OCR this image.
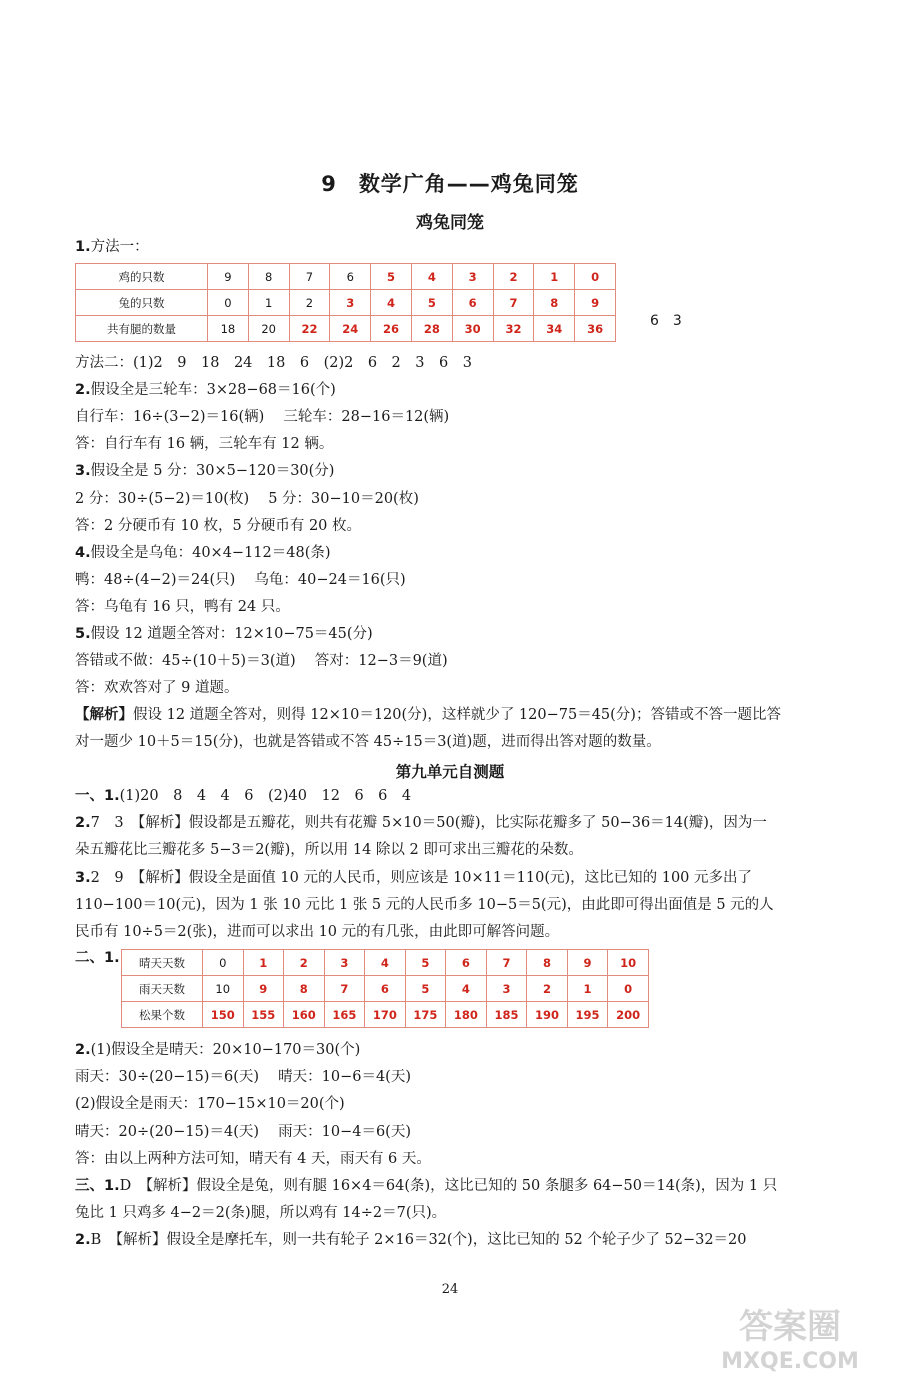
9 数学广角——鸡兔同笼
鸡兔同笼
1.方法一：
鸡的只数	9	8	7	6	5	4	3	2	1	0
兔的只数	0	1	2	3	4	5	6	7	8	9
共有腿的数量	18	20	22	24	26	28	30	32	34	36	6　3
方法二：(1)2　9　18　24　18　6　(2)2　6　2　3　6　3
2.假设全是三轮车：3×28−68＝16(个)
自行车：16÷(3−2)＝16(辆)　 三轮车：28−16＝12(辆)
答：自行车有 16 辆，三轮车有 12 辆。
3.假设全是 5 分：30×5−120＝30(分)
2 分：30÷(5−2)＝10(枚)　 5 分：30−10＝20(枚)
答：2 分硬币有 10 枚，5 分硬币有 20 枚。
4.假设全是乌龟：40×4−112＝48(条)
鸭：48÷(4−2)＝24(只)　 乌龟：40−24＝16(只)
答：乌龟有 16 只，鸭有 24 只。
5.假设 12 道题全答对：12×10−75＝45(分)
答错或不做：45÷(10＋5)＝3(道)　 答对：12−3＝9(道)
答：欢欢答对了 9 道题。
【解析】假设 12 道题全答对，则得 12×10＝120(分)，这样就少了 120−75＝45(分)；答错或不答一题比答
对一题少 10＋5＝15(分)，也就是答错或不答 45÷15＝3(道)题，进而得出答对题的数量。
第九单元自测题
一、1.(1)20　8　4　4　6　(2)40　12　6　6　4
2.7　3　【解析】假设都是五瓣花，则共有花瓣 5×10＝50(瓣)，比实际花瓣多了 50−36＝14(瓣)，因为一
朵五瓣花比三瓣花多 5−3＝2(瓣)，所以用 14 除以 2 即可求出三瓣花的朵数。
3.2　9　【解析】假设全是面值 10 元的人民币，则应该是 10×11＝110(元)，这比已知的 100 元多出了
110−100＝10(元)，因为 1 张 10 元比 1 张 5 元的人民币多 10−5＝5(元)，由此即可得出面值是 5 元的人
民币有 10÷5＝2(张)，进而可以求出 10 元的有几张，由此即可解答问题。
二、1. 晴天天数	0	1	2	3	4	5	6	7	8	9	10
雨天天数	10	9	8	7	6	5	4	3	2	1	0
松果个数	150	155	160	165	170	175	180	185	190	195	200
2.(1)假设全是晴天：20×10−170＝30(个)
雨天：30÷(20−15)＝6(天)　 晴天：10−6＝4(天)
(2)假设全是雨天：170−15×10＝20(个)
晴天：20÷(20−15)＝4(天)　 雨天：10−4＝6(天)
答：由以上两种方法可知，晴天有 4 天，雨天有 6 天。
三、1.D　【解析】假设全是兔，则有腿 16×4＝64(条)，这比已知的 50 条腿多 64−50＝14(条)，因为 1 只
兔比 1 只鸡多 4−2＝2(条)腿，所以鸡有 14÷2＝7(只)。
2.B　【解析】假设全是摩托车，则一共有轮子 2×16＝32(个)，这比已知的 52 个轮子少了 52−32＝20
24
答案圈
MXQE.COM
